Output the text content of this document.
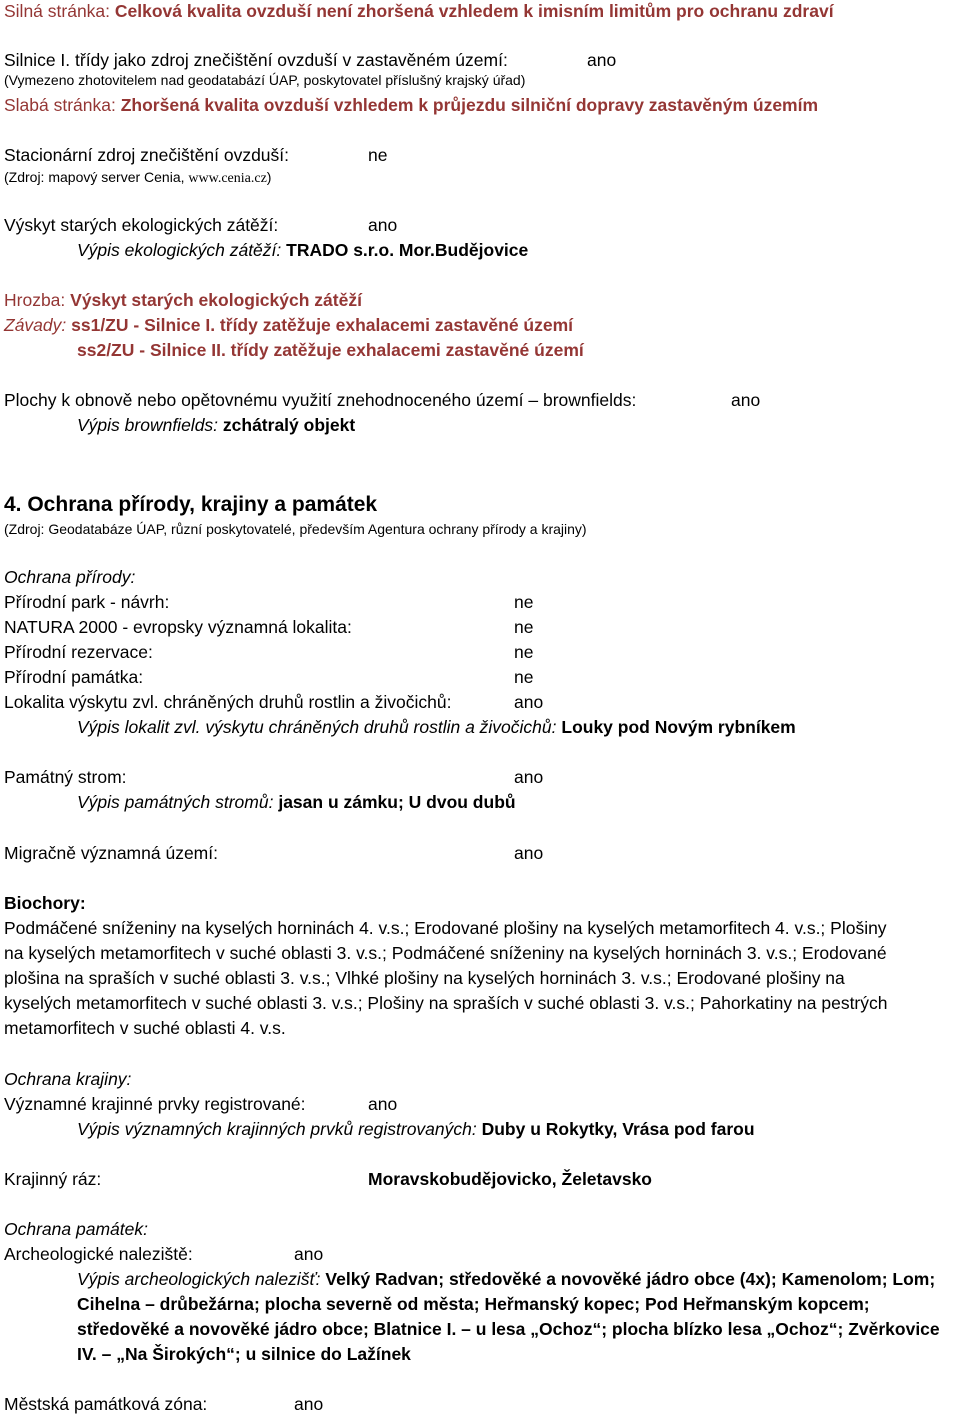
Silná stránka: Celková kvalita ovzduší není zhoršená vzhledem k imisním limitům pro ochranu zdraví
Silnice I. třídy jako zdroj znečištění ovzduší v zastavěném území:	ano
(Vymezeno zhotovitelem nad geodatabází ÚAP, poskytovatel příslušný krajský úřad)
Slabá stránka: Zhoršená kvalita ovzduší vzhledem k průjezdu silniční dopravy zastavěným územím
Stacionární zdroj znečištění ovzduší:	ne
(Zdroj: mapový server Cenia, www.cenia.cz)
Výskyt starých ekologických zátěží:	ano
Výpis ekologických zátěží: TRADO s.r.o. Mor.Budějovice
Hrozba: Výskyt starých ekologických zátěží
Závady: ss1/ZU - Silnice I. třídy zatěžuje exhalacemi zastavěné území
ss2/ZU - Silnice II. třídy zatěžuje exhalacemi zastavěné území
Plochy k obnově nebo opětovnému využití znehodnoceného území – brownfields:	ano
Výpis brownfields: zchátralý objekt
4. Ochrana přírody, krajiny a památek
(Zdroj: Geodatabáze ÚAP, různí poskytovatelé, především Agentura ochrany přírody a krajiny)
Ochrana přírody:
Přírodní park - návrh:	ne
NATURA 2000 - evropsky významná lokalita:	ne
Přírodní rezervace:	ne
Přírodní památka:	ne
Lokalita výskytu zvl. chráněných druhů rostlin a živočichů:	ano
Výpis lokalit zvl. výskytu chráněných druhů rostlin a živočichů: Louky pod Novým rybníkem
Památný strom:	ano
Výpis památných stromů: jasan u zámku; U dvou dubů
Migračně významná území:	ano
Biochory:
Podmáčené sníženiny na kyselých horninách 4. v.s.; Erodované plošiny na kyselých metamorfitech 4. v.s.; Plošiny
na kyselých metamorfitech v suché oblasti 3. v.s.; Podmáčené sníženiny na kyselých horninách 3. v.s.; Erodované
plošina na spraších v suché oblasti 3. v.s.; Vlhké plošiny na kyselých horninách 3. v.s.; Erodované plošiny na
kyselých metamorfitech v suché oblasti 3. v.s.; Plošiny na spraších v suché oblasti 3. v.s.; Pahorkatiny na pestrých
metamorfitech v suché oblasti 4. v.s.
Ochrana krajiny:
Významné krajinné prvky registrované:	ano
Výpis významných krajinných prvků registrovaných: Duby u Rokytky, Vrása pod farou
Krajinný ráz:	Moravskobudějovicko, Želetavsko
Ochrana památek:
Archeologické naleziště:	ano
Výpis archeologických nalezišť: Velký Radvan; středověké a novověké jádro obce (4x); Kamenolom; Lom;
Cihelna – drůbežárna; plocha severně od města; Heřmanský kopec; Pod Heřmanským kopcem;
středověké a novověké jádro obce; Blatnice I. – u lesa „Ochoz“; plocha blízko lesa „Ochoz“; Zvěrkovice
IV. – „Na Širokých“; u silnice do Lažínek
Městská památková zóna:	ano
